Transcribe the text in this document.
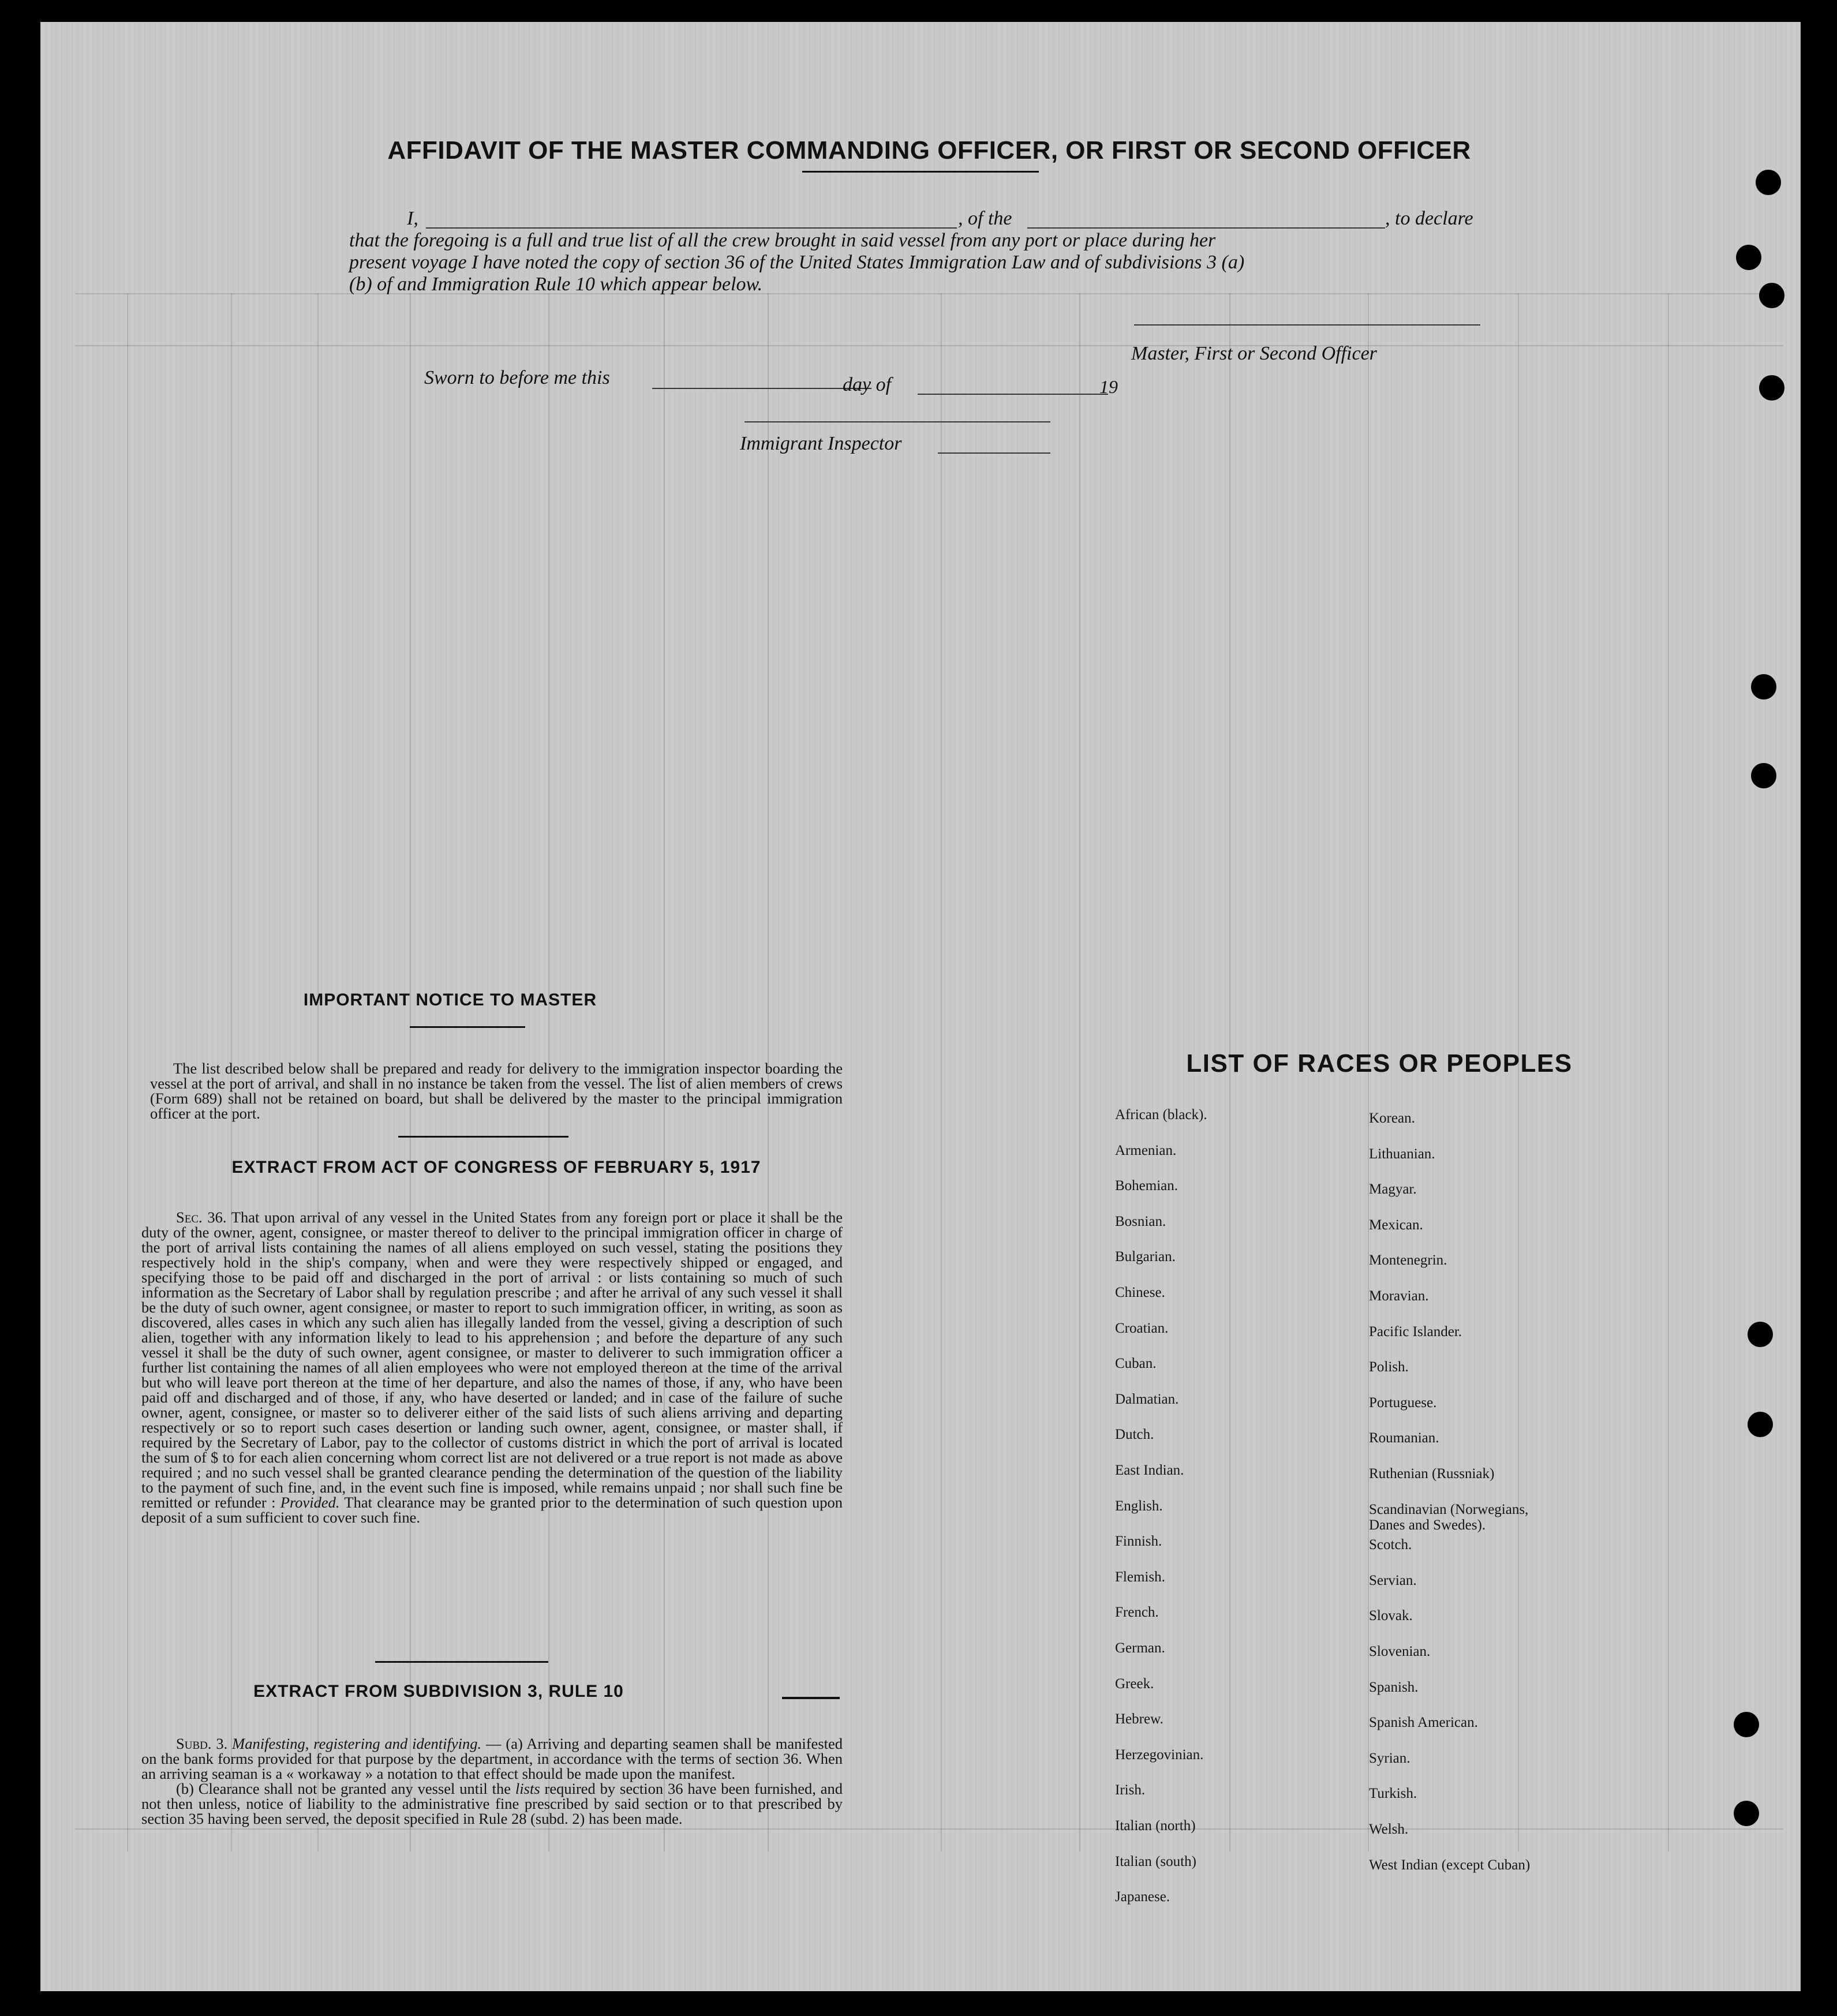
AFFIDAVIT OF THE MASTER COMMANDING OFFICER, OR FIRST OR SECOND OFFICER
I,	, of the	, to declare
that the foregoing is a full and true list of all the crew brought in said vessel from any port or place during her
present voyage I have noted the copy of section 36 of the United States Immigration Law and of subdivisions 3 (a)
(b) of and Immigration Rule 10 which appear below.
Master, First or Second Officer
Sworn to before me this	day of	19
Immigrant Inspector
IMPORTANT NOTICE TO MASTER

The list described below shall be prepared and ready for delivery to the immigration inspector boarding the vessel at the port of arrival, and shall in no instance be taken from the vessel. The list of alien members of crews (Form 689) shall not be retained on board, but shall be delivered by the master to the principal immigration officer at the port.

EXTRACT FROM ACT OF CONGRESS OF FEBRUARY 5, 1917

Sec. 36. That upon arrival of any vessel in the United States from any foreign port or place it shall be the duty of the owner, agent, consignee, or master thereof to deliver to the principal immigration officer in charge of the port of arrival lists containing the names of all aliens employed on such vessel, stating the positions they respectively hold in the ship's company, when and were they were respectively shipped or engaged, and specifying those to be paid off and discharged in the port of arrival : or lists containing so much of such information as the Secretary of Labor shall by regulation prescribe ; and after he arrival of any such vessel it shall be the duty of such owner, agent consignee, or master to report to such immigration officer, in writing, as soon as discovered, alles cases in which any such alien has illegally landed from the vessel, giving a description of such alien, together with any information likely to lead to his apprehension ; and before the departure of any such vessel it shall be the duty of such owner, agent consignee, or master to deliverer to such immigration officer a further list containing the names of all alien employees who were not employed thereon at the time of the arrival but who will leave port thereon at the time of her departure, and also the names of those, if any, who have been paid off and discharged and of those, if any, who have deserted or landed; and in case of the failure of suche owner, agent, consignee, or master so to deliverer either of the said lists of such aliens arriving and departing respectively or so to report such cases desertion or landing such owner, agent, consignee, or master shall, if required by the Secretary of Labor, pay to the collector of customs district in which the port of arrival is located the sum of $ to for each alien concerning whom correct list are not delivered or a true report is not made as above required ; and no such vessel shall be granted clearance pending the determination of the question of the liability to the payment of such fine, and, in the event such fine is imposed, while remains unpaid ; nor shall such fine be remitted or refunder : Provided. That clearance may be granted prior to the determination of such question upon deposit of a sum sufficient to cover such fine.

EXTRACT FROM SUBDIVISION 3, RULE 10

Subd. 3. Manifesting, registering and identifying. — (a) Arriving and departing seamen shall be manifested on the bank forms provided for that purpose by the department, in accordance with the terms of section 36. When an arriving seaman is a « workaway » a notation to that effect should be made upon the manifest.

(b) Clearance shall not be granted any vessel until the lists required by section 36 have been furnished, and not then unless, notice of liability to the administrative fine prescribed by said section or to that prescribed by section 35 having been served, the deposit specified in Rule 28 (subd. 2) has been made.

LIST OF RACES OR PEOPLES
African (black).
Armenian.
Bohemian.
Bosnian.
Bulgarian.
Chinese.
Croatian.
Cuban.
Dalmatian.
Dutch.
East Indian.
English.
Finnish.
Flemish.
French.
German.
Greek.
Hebrew.
Herzegovinian.
Irish.
Italian (north)
Italian (south)
Japanese.
Korean.
Lithuanian.
Magyar.
Mexican.
Montenegrin.
Moravian.
Pacific Islander.
Polish.
Portuguese.
Roumanian.
Ruthenian (Russniak)
Scandinavian (Norwegians,
Danes and Swedes).
Scotch.
Servian.
Slovak.
Slovenian.
Spanish.
Spanish American.
Syrian.
Turkish.
Welsh.
West Indian (except Cuban)
